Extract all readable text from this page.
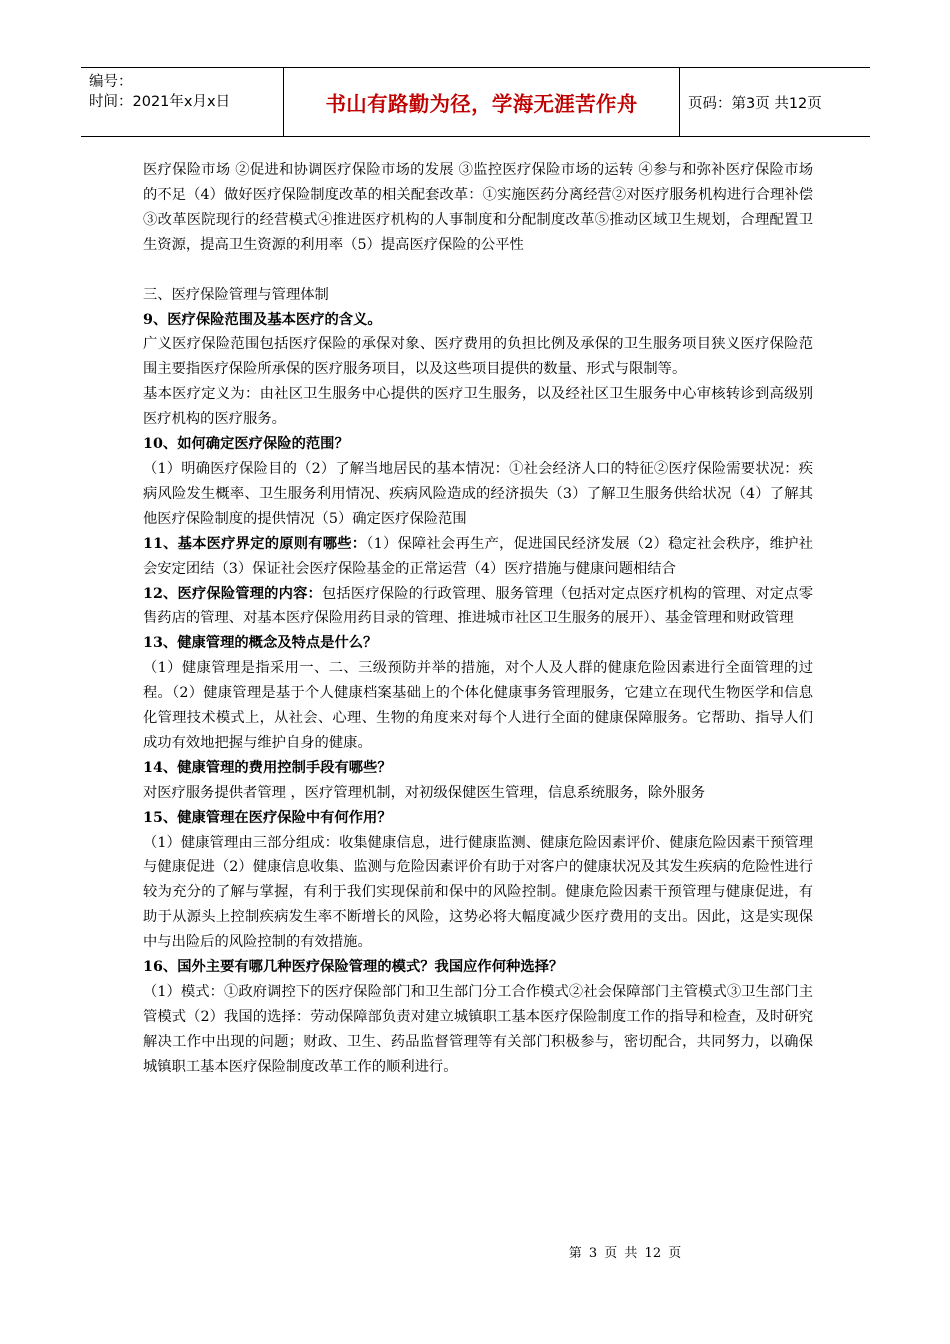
编号：
时间：2021年x月x日	书山有路勤为径，学海无涯苦作舟	页码：第3页 共12页

医疗保险市场 ②促进和协调医疗保险市场的发展 ③监控医疗保险市场的运转 ④参与和弥补医疗保险市场的不足（4）做好医疗保险制度改革的相关配套改革：①实施医药分离经营②对医疗服务机构进行合理补偿③改革医院现行的经营模式④推进医疗机构的人事制度和分配制度改革⑤推动区域卫生规划，合理配置卫生资源，提高卫生资源的利用率（5）提高医疗保险的公平性

三、医疗保险管理与管理体制

9、医疗保险范围及基本医疗的含义。

广义医疗保险范围包括医疗保险的承保对象、医疗费用的负担比例及承保的卫生服务项目狭义医疗保险范围主要指医疗保险所承保的医疗服务项目，以及这些项目提供的数量、形式与限制等。

基本医疗定义为：由社区卫生服务中心提供的医疗卫生服务，以及经社区卫生服务中心审核转诊到高级别医疗机构的医疗服务。

10、如何确定医疗保险的范围？

（1）明确医疗保险目的（2）了解当地居民的基本情况：①社会经济人口的特征②医疗保险需要状况：疾病风险发生概率、卫生服务利用情况、疾病风险造成的经济损失（3）了解卫生服务供给状况（4）了解其他医疗保险制度的提供情况（5）确定医疗保险范围

11、基本医疗界定的原则有哪些：（1）保障社会再生产，促进国民经济发展（2）稳定社会秩序，维护社会安定团结（3）保证社会医疗保险基金的正常运营（4）医疗措施与健康问题相结合

12、医疗保险管理的内容：包括医疗保险的行政管理、服务管理（包括对定点医疗机构的管理、对定点零售药店的管理、对基本医疗保险用药目录的管理、推进城市社区卫生服务的展开）、基金管理和财政管理

13、健康管理的概念及特点是什么？

（1）健康管理是指采用一、二、三级预防并举的措施，对个人及人群的健康危险因素进行全面管理的过程。（2）健康管理是基于个人健康档案基础上的个体化健康事务管理服务，它建立在现代生物医学和信息化管理技术模式上，从社会、心理、生物的角度来对每个人进行全面的健康保障服务。它帮助、指导人们成功有效地把握与维护自身的健康。

14、健康管理的费用控制手段有哪些？

对医疗服务提供者管理 ，医疗管理机制，对初级保健医生管理，信息系统服务，除外服务

15、健康管理在医疗保险中有何作用？

（1）健康管理由三部分组成：收集健康信息，进行健康监测、健康危险因素评价、健康危险因素干预管理与健康促进（2）健康信息收集、监测与危险因素评价有助于对客户的健康状况及其发生疾病的危险性进行较为充分的了解与掌握，有利于我们实现保前和保中的风险控制。健康危险因素干预管理与健康促进，有助于从源头上控制疾病发生率不断增长的风险，这势必将大幅度减少医疗费用的支出。因此，这是实现保中与出险后的风险控制的有效措施。

16、国外主要有哪几种医疗保险管理的模式？我国应作何种选择？

（1）模式：①政府调控下的医疗保险部门和卫生部门分工合作模式②社会保障部门主管模式③卫生部门主管模式（2）我国的选择：劳动保障部负责对建立城镇职工基本医疗保险制度工作的指导和检查，及时研究解决工作中出现的问题；财政、卫生、药品监督管理等有关部门积极参与，密切配合，共同努力，以确保城镇职工基本医疗保险制度改革工作的顺利进行。

第 3 页 共 12 页
